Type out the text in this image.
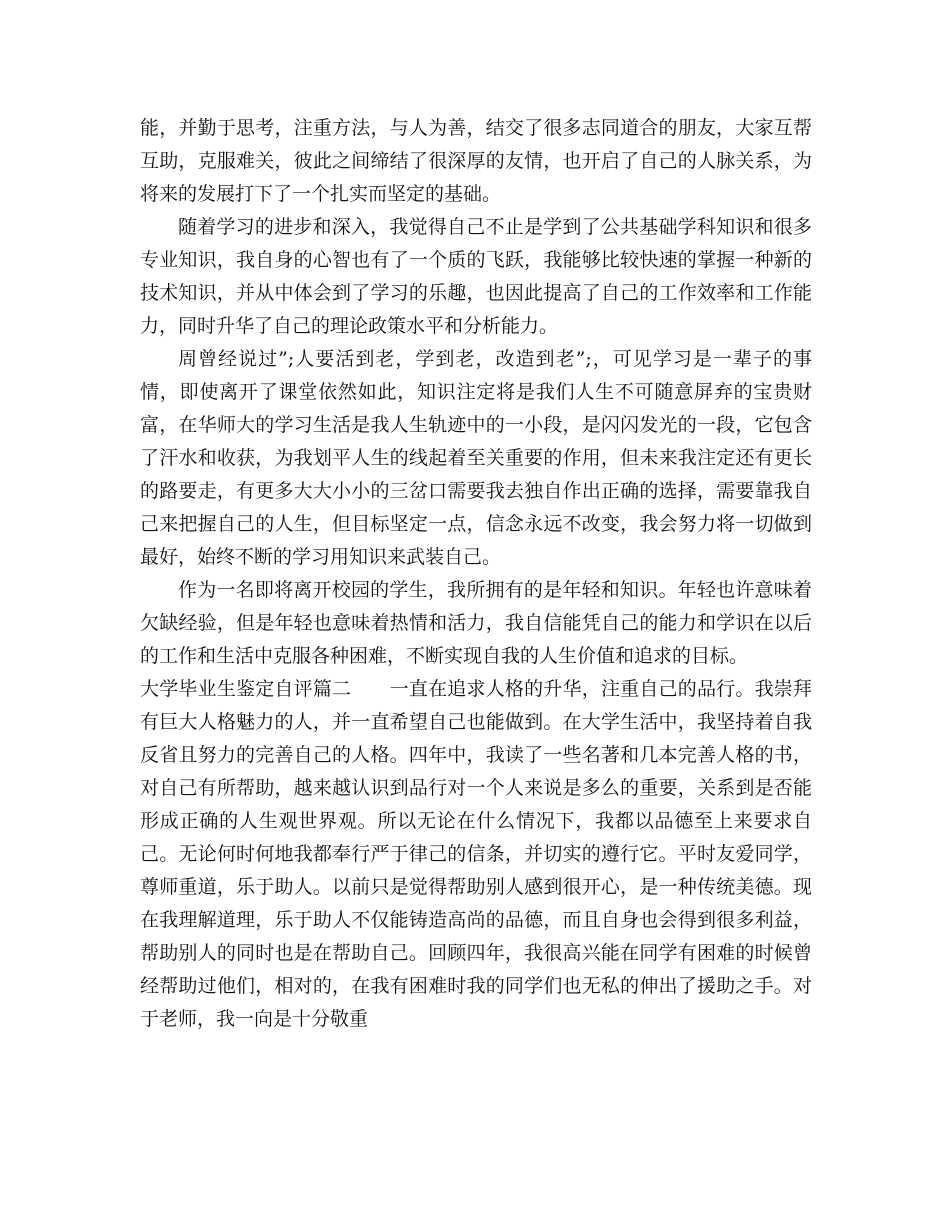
能，并勤于思考，注重方法，与人为善，结交了很多志同道合的朋友，大家互帮互助，克服难关，彼此之间缔结了很深厚的友情，也开启了自己的人脉关系，为将来的发展打下了一个扎实而坚定的基础。

随着学习的进步和深入，我觉得自己不止是学到了公共基础学科知识和很多专业知识，我自身的心智也有了一个质的飞跃，我能够比较快速的掌握一种新的技术知识，并从中体会到了学习的乐趣，也因此提高了自己的工作效率和工作能力，同时升华了自己的理论政策水平和分析能力。

周曾经说过”;人要活到老，学到老，改造到老”;，可见学习是一辈子的事情，即使离开了课堂依然如此，知识注定将是我们人生不可随意屏弃的宝贵财富，在华师大的学习生活是我人生轨迹中的一小段，是闪闪发光的一段，它包含了汗水和收获，为我划平人生的线起着至关重要的作用，但未来我注定还有更长的路要走，有更多大大小小的三岔口需要我去独自作出正确的选择，需要靠我自己来把握自己的人生，但目标坚定一点，信念永远不改变，我会努力将一切做到最好，始终不断的学习用知识来武装自己。

作为一名即将离开校园的学生，我所拥有的是年轻和知识。年轻也许意味着欠缺经验，但是年轻也意味着热情和活力，我自信能凭自己的能力和学识在以后的工作和生活中克服各种困难，不断实现自我的人生价值和追求的目标。

大学毕业生鉴定自评篇二　　 一直在追求人格的升华，注重自己的品行。我崇拜有巨大人格魅力的人，并一直希望自己也能做到。在大学生活中，我坚持着自我反省且努力的完善自己的人格。四年中，我读了一些名著和几本完善人格的书，对自己有所帮助，越来越认识到品行对一个人来说是多么的重要，关系到是否能形成正确的人生观世界观。所以无论在什么情况下，我都以品德至上来要求自己。无论何时何地我都奉行严于律己的信条，并切实的遵行它。平时友爱同学，尊师重道，乐于助人。以前只是觉得帮助别人感到很开心，是一种传统美德。现在我理解道理，乐于助人不仅能铸造高尚的品德，而且自身也会得到很多利益，帮助别人的同时也是在帮助自己。回顾四年，我很高兴能在同学有困难的时候曾经帮助过他们，相对的，在我有困难时我的同学们也无私的伸出了援助之手。对于老师，我一向是十分敬重
